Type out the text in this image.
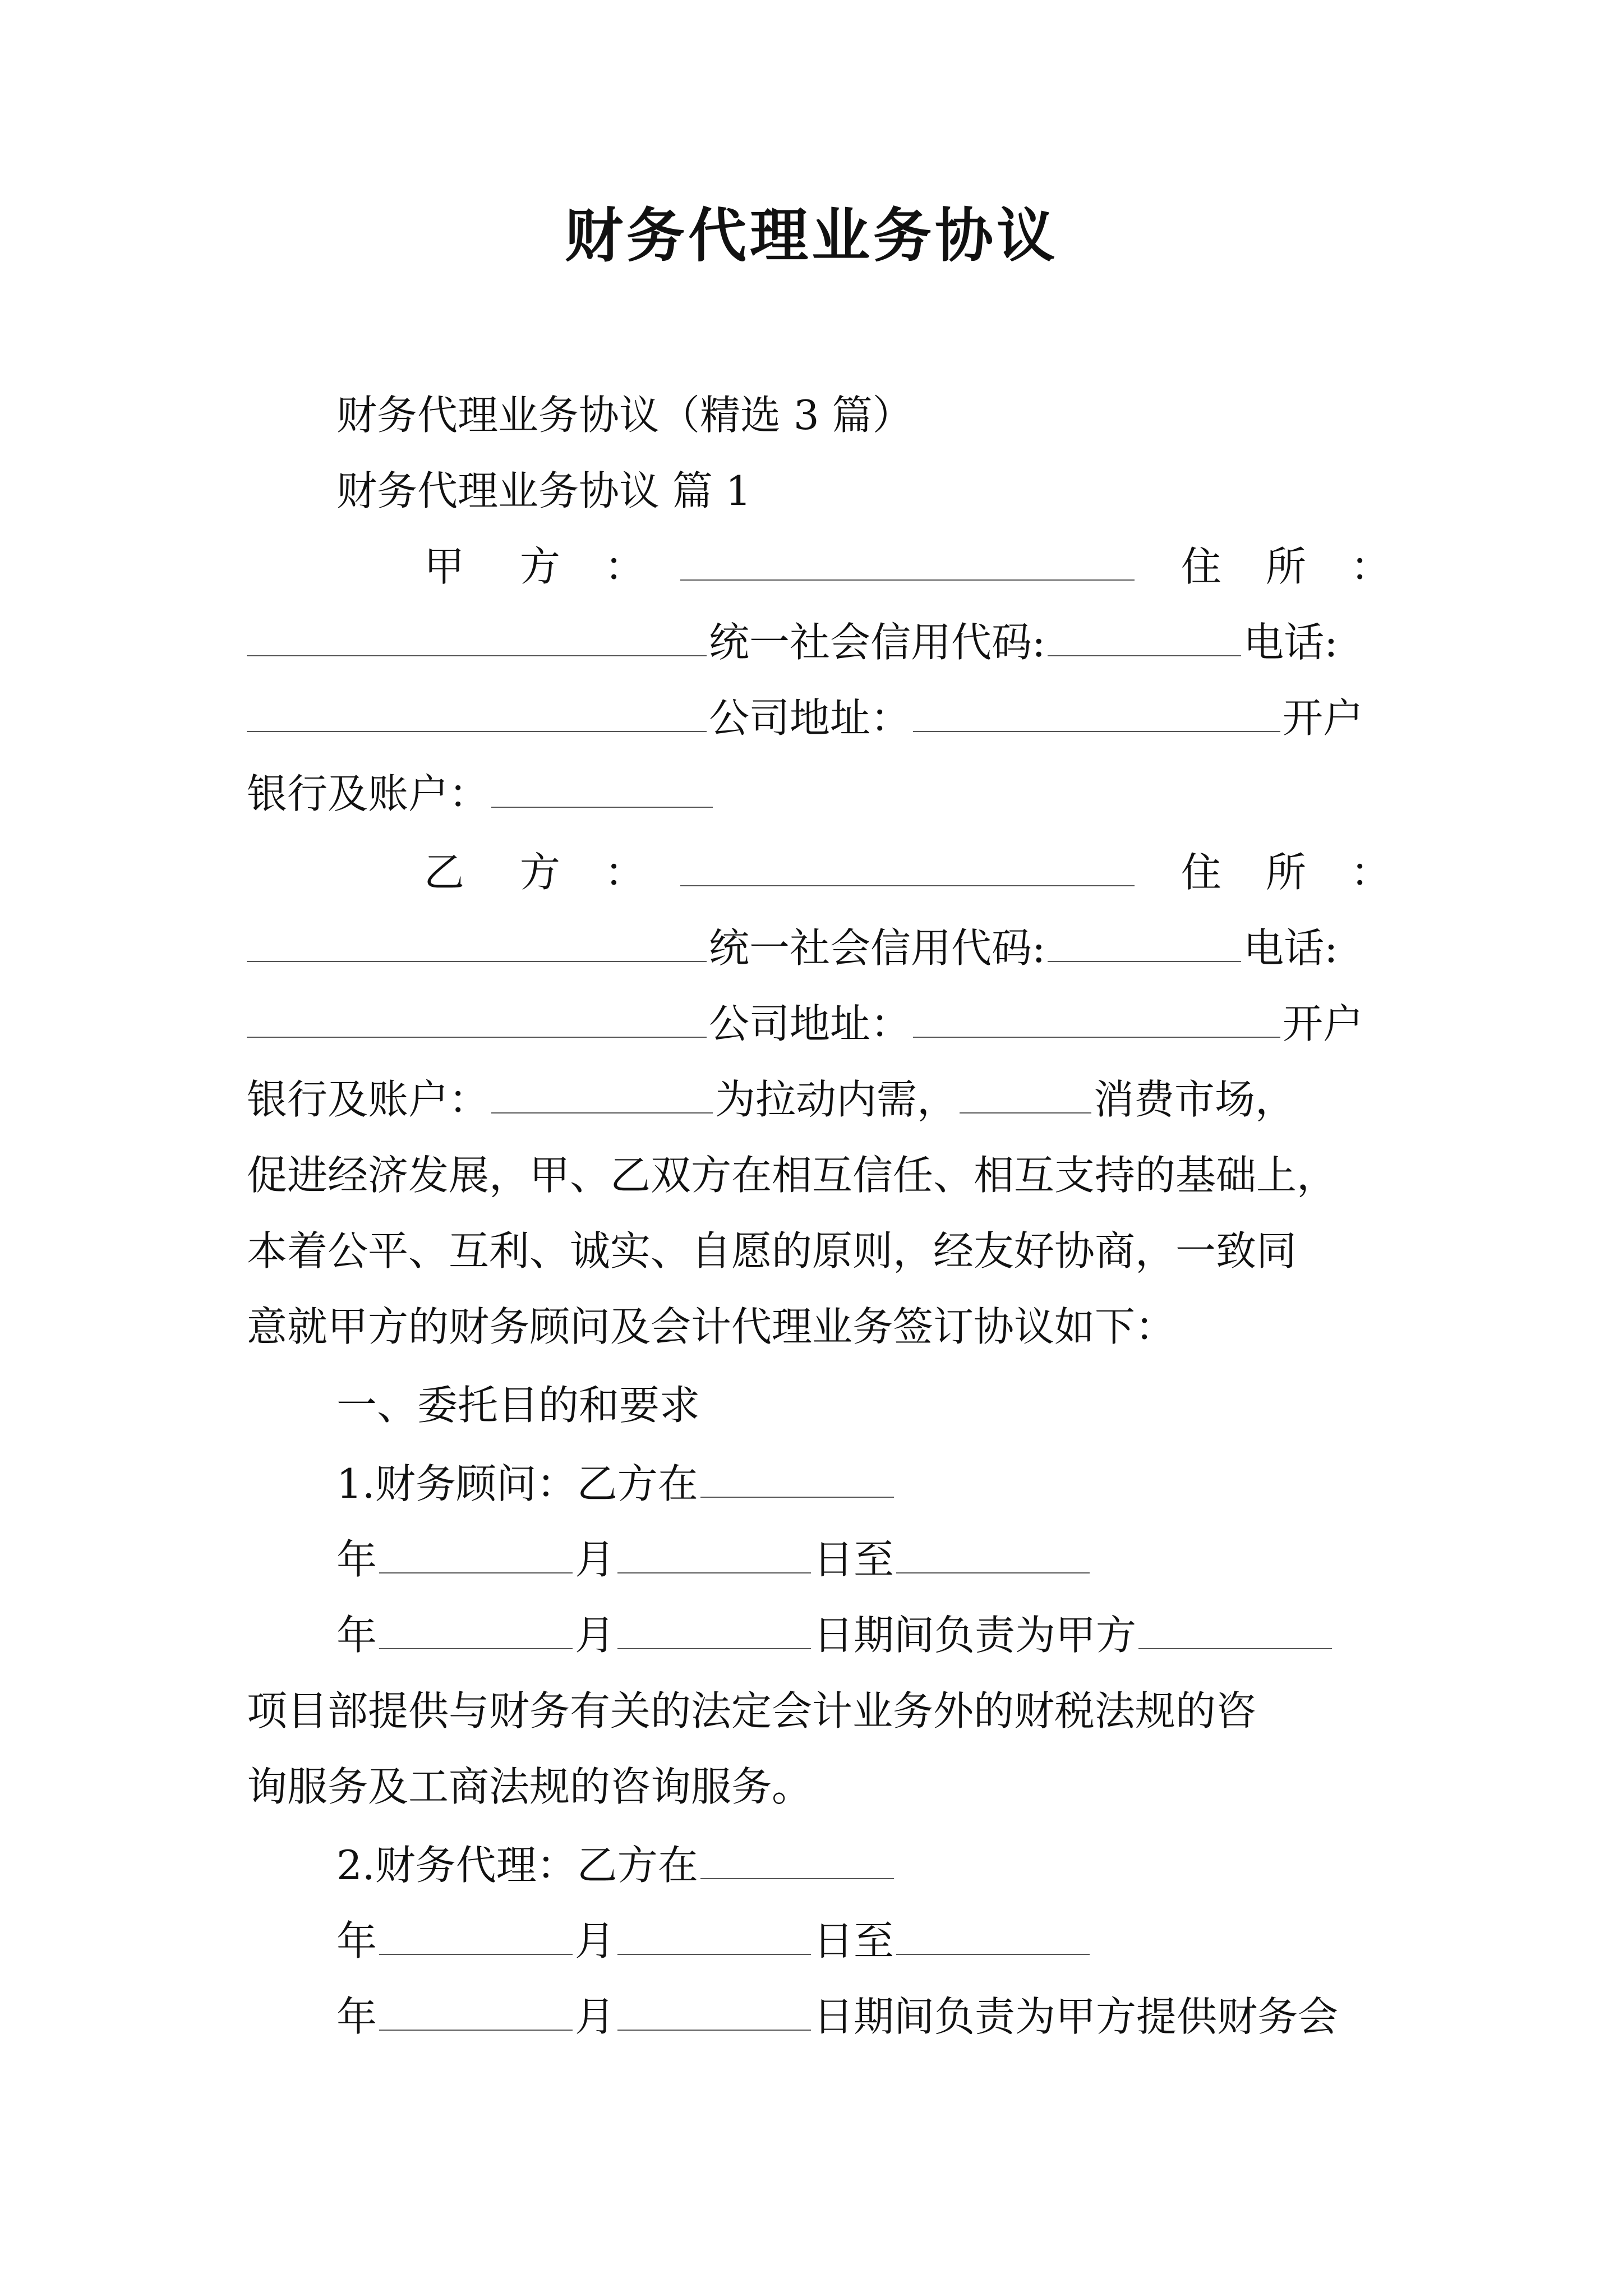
财务代理业务协议
财务代理业务协议（精选 3 篇）
财务代理业务协议 篇 1
甲 方 ：	住 所 ：
统一社会信用代码:	电话:
公司地址：	开户
银行及账户：
乙 方 ：	住 所 ：
统一社会信用代码:	电话:
公司地址：	开户
银行及账户：	为拉动内需，	消费市场，
促进经济发展，甲、乙双方在相互信任、相互支持的基础上，
本着公平、互利、诚实、自愿的原则，经友好协商，一致同
意就甲方的财务顾问及会计代理业务签订协议如下：
一、委托目的和要求
1.财务顾问：乙方在
年	月	日至
年	月	日期间负责为甲方
项目部提供与财务有关的法定会计业务外的财税法规的咨
询服务及工商法规的咨询服务。
2.财务代理：乙方在
年	月	日至
年	月	日期间负责为甲方提供财务会
